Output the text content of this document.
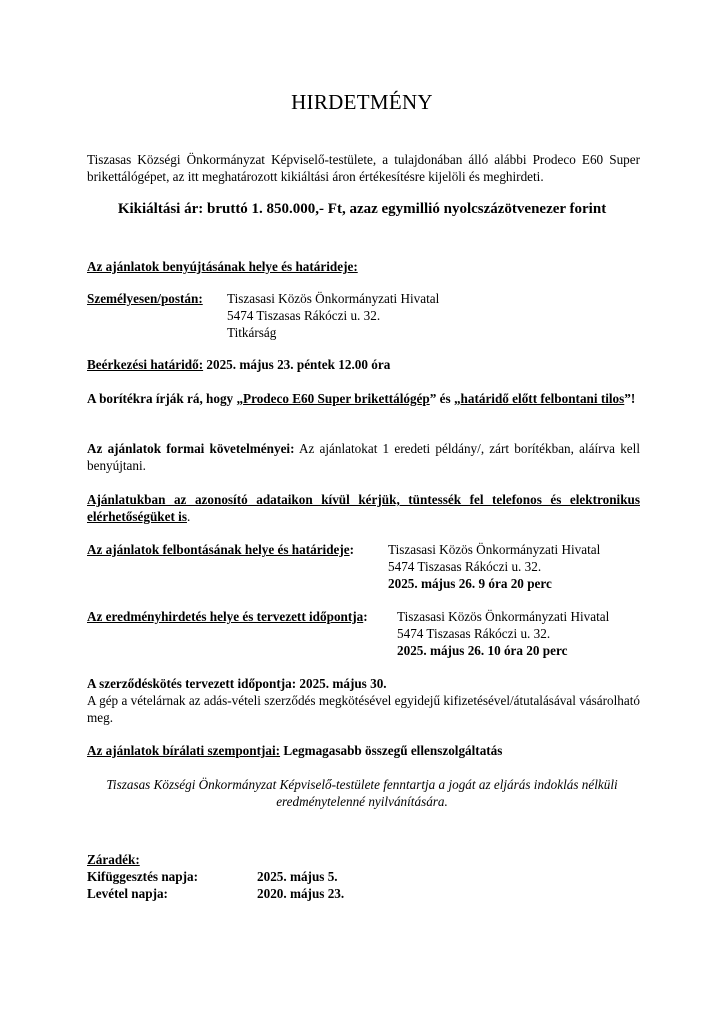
HIRDETMÉNY
Tiszasas Községi Önkormányzat Képviselő-testülete, a tulajdonában álló alábbi Prodeco E60 Super brikettálógépet, az itt meghatározott kikiáltási áron értékesítésre kijelöli és meghirdeti.
Kikiáltási ár: bruttó 1. 850.000,- Ft, azaz egymillió nyolcszázötvenezer forint
Az ajánlatok benyújtásának helye és határideje:
Személyesen/postán:	Tiszasasi Közös Önkormányzati Hivatal
5474 Tiszasas Rákóczi u. 32.
Titkárság
Beérkezési határidő: 2025. május 23. péntek 12.00 óra
A borítékra írják rá, hogy „Prodeco E60 Super brikettálógép” és „határidő előtt felbontani tilos”!
Az ajánlatok formai követelményei: Az ajánlatokat 1 eredeti példány/, zárt borítékban, aláírva kell benyújtani.
Ajánlatukban az azonosító adataikon kívül kérjük, tüntessék fel telefonos és elektronikus elérhetőségüket is.
Az ajánlatok felbontásának helye és határideje:	Tiszasasi Közös Önkormányzati Hivatal
5474 Tiszasas Rákóczi u. 32.
2025. május 26. 9 óra 20 perc
Az eredményhirdetés helye és tervezett időpontja: Tiszasasi Közös Önkormányzati Hivatal
5474 Tiszasas Rákóczi u. 32.
2025. május 26. 10 óra 20 perc
A szerződéskötés tervezett időpontja: 2025. május 30.
A gép a vételárnak az adás-vételi szerződés megkötésével egyidejű kifizetésével/átutalásával vásárolható meg.
Az ajánlatok bírálati szempontjai: Legmagasabb összegű ellenszolgáltatás
Tiszasas Községi Önkormányzat Képviselő-testülete fenntartja a jogát az eljárás indoklás nélküli eredménytelenné nyilvánítására.
Záradék:
Kifüggesztés napja:	2025. május 5.
Levétel napja:	2020. május 23.
